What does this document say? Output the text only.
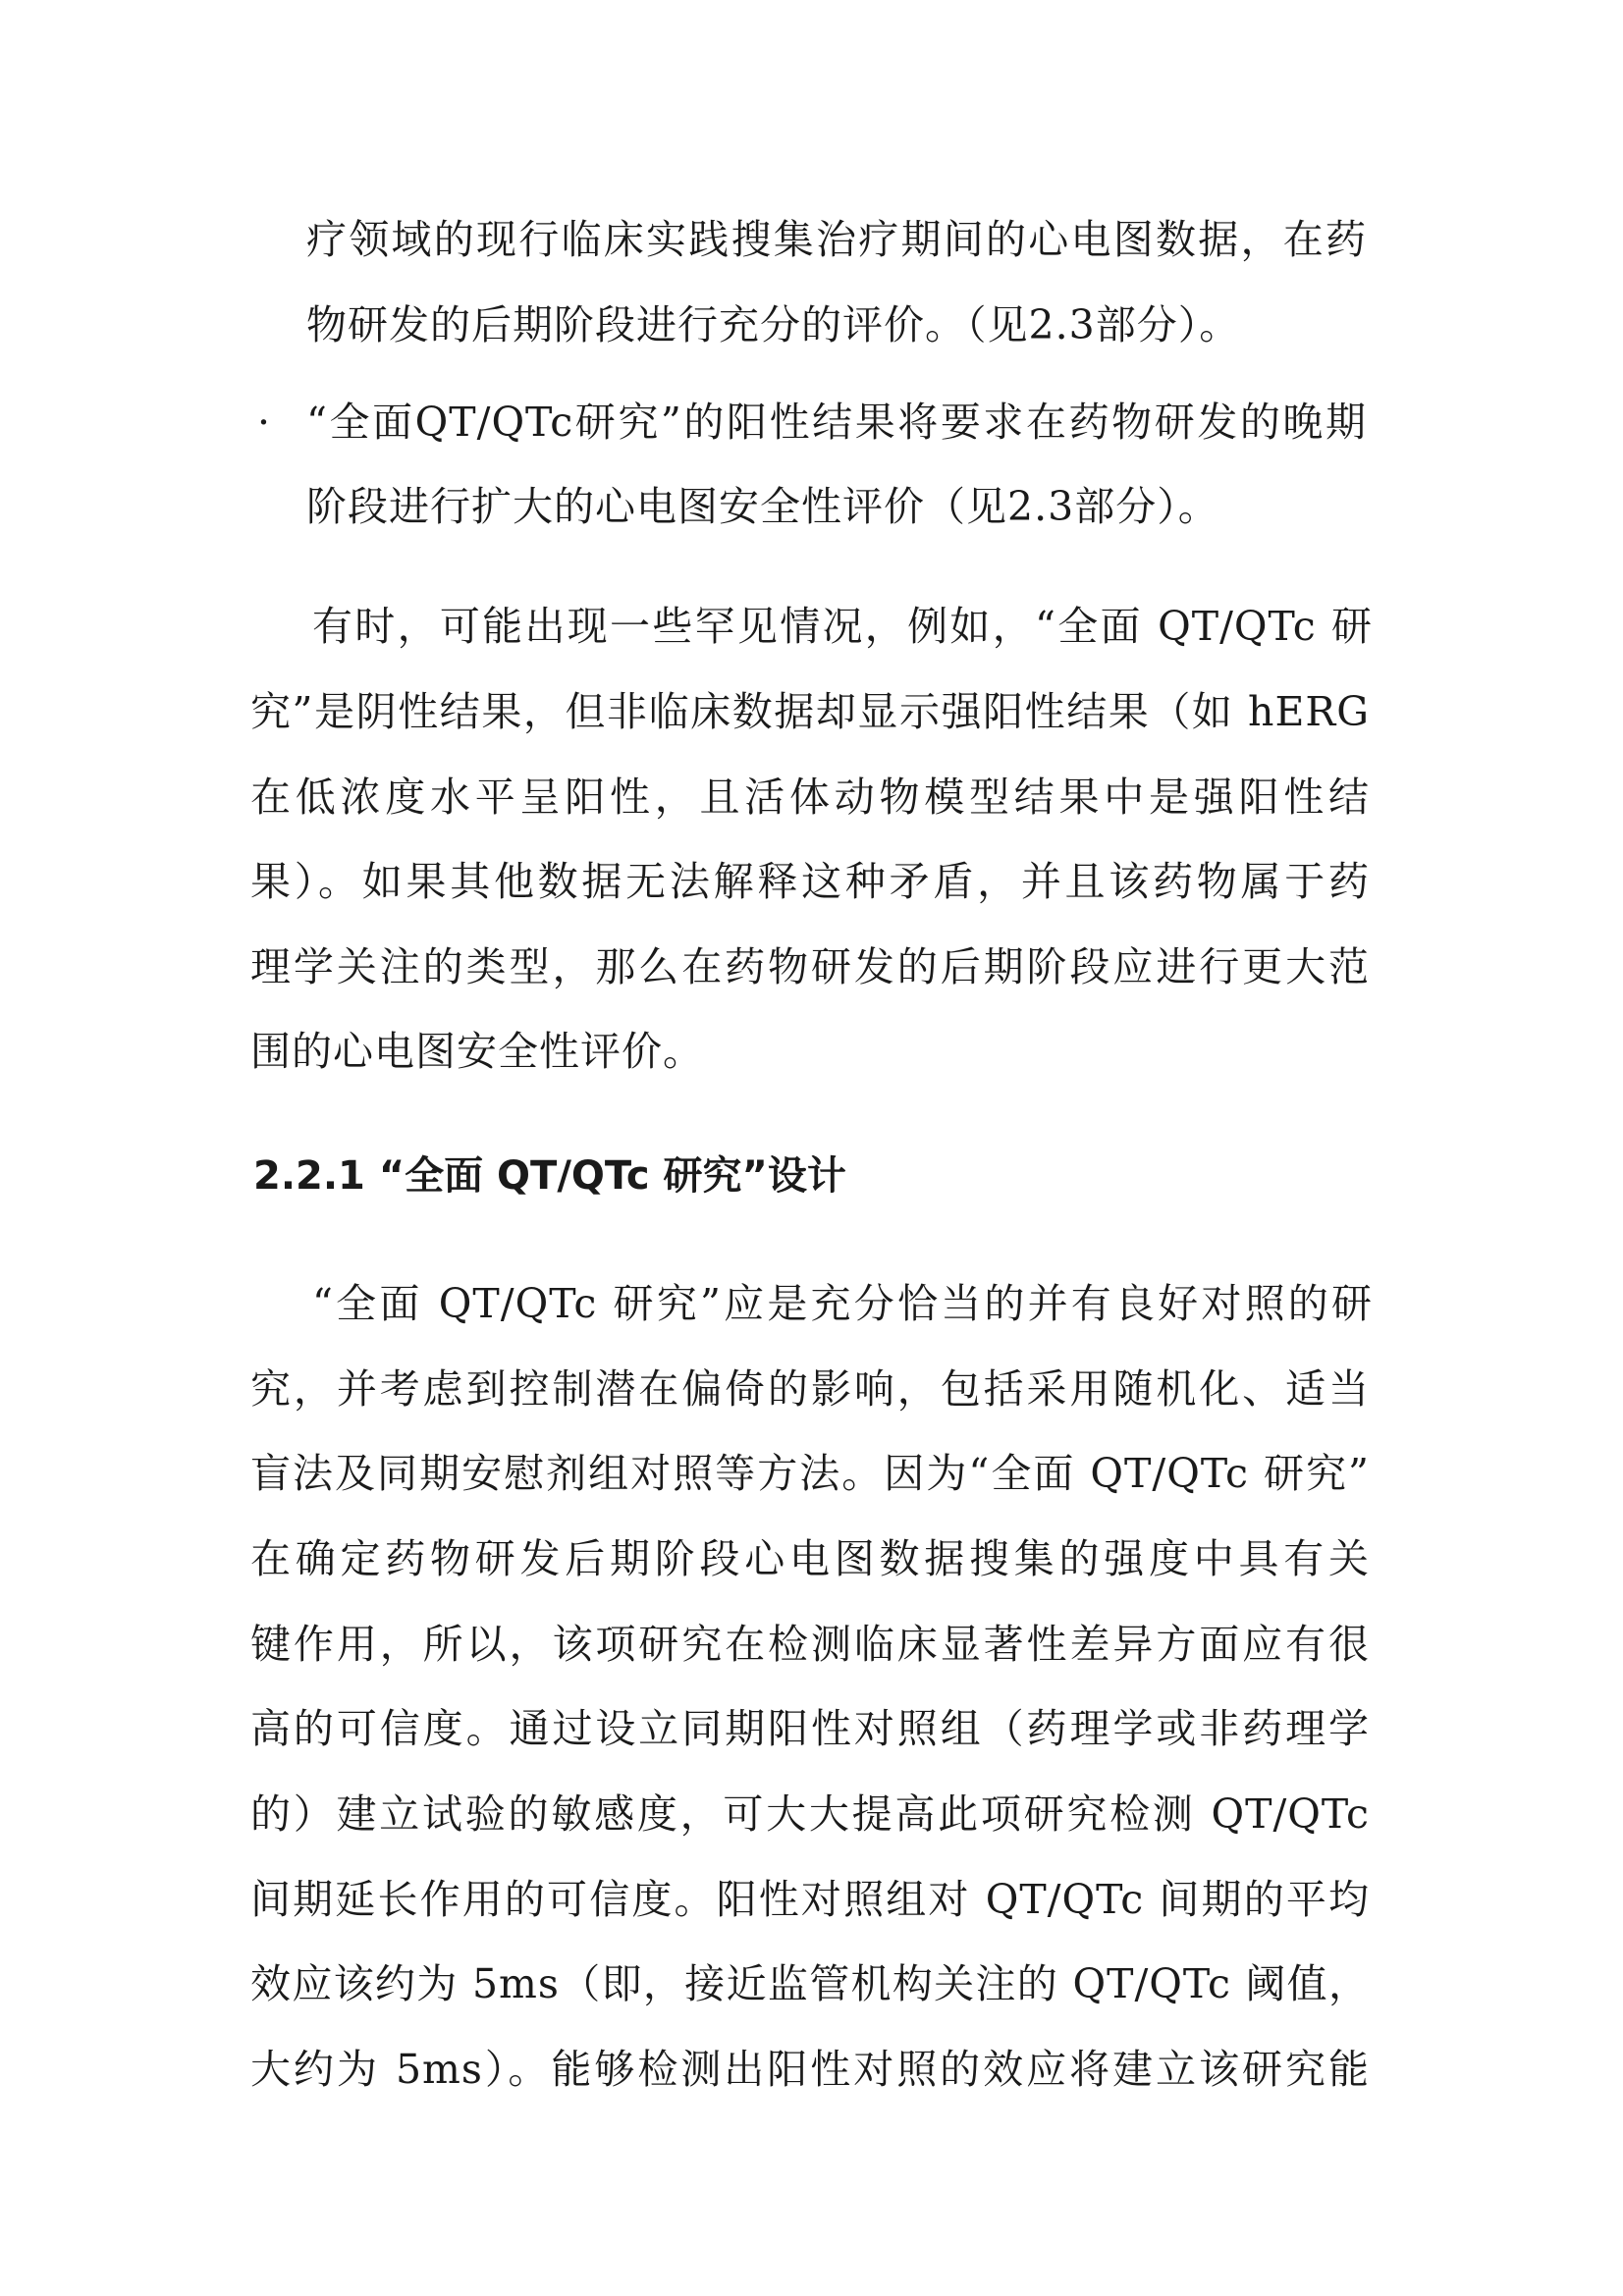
疗领域的现行临床实践搜集治疗期间的心电图数据，在药
物研发的后期阶段进行充分的评价。（见2.3部分）。
· “全面QT/QTc研究”的阳性结果将要求在药物研发的晚期
阶段进行扩大的心电图安全性评价（见2.3部分）。
有时，可能出现一些罕见情况，例如，“全面 QT/QTc 研
究”是阴性结果，但非临床数据却显示强阳性结果（如 hERG
在低浓度水平呈阳性，且活体动物模型结果中是强阳性结
果）。如果其他数据无法解释这种矛盾，并且该药物属于药
理学关注的类型，那么在药物研发的后期阶段应进行更大范
围的心电图安全性评价。
2.2.1 “全面 QT/QTc 研究”设计
“全面 QT/QTc 研究”应是充分恰当的并有良好对照的研
究，并考虑到控制潜在偏倚的影响，包括采用随机化、适当
盲法及同期安慰剂组对照等方法。因为“全面 QT/QTc 研究”
在确定药物研发后期阶段心电图数据搜集的强度中具有关
键作用，所以，该项研究在检测临床显著性差异方面应有很
高的可信度。通过设立同期阳性对照组（药理学或非药理学
的）建立试验的敏感度，可大大提高此项研究检测 QT/QTc
间期延长作用的可信度。阳性对照组对 QT/QTc 间期的平均
效应该约为 5ms（即，接近监管机构关注的 QT/QTc 阈值，
大约为 5ms）。能够检测出阳性对照的效应将建立该研究能
